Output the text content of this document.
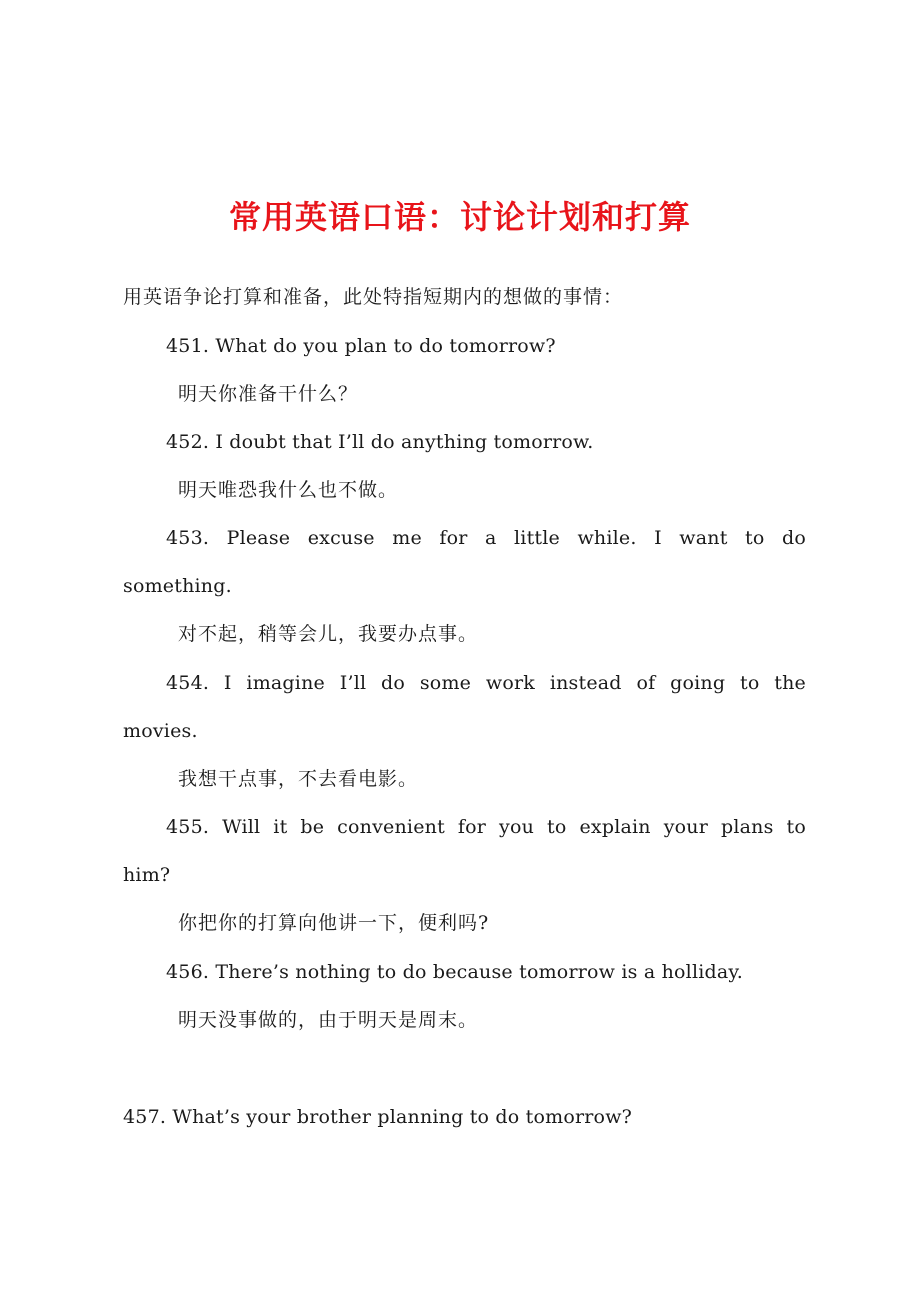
常用英语口语：讨论计划和打算
用英语争论打算和准备，此处特指短期内的想做的事情：
451. What do you plan to do tomorrow?
明天你准备干什么？
452. I doubt that I’ll do anything tomorrow.
明天唯恐我什么也不做。
453. Please excuse me for a little while. I want to do
something.
对不起，稍等会儿，我要办点事。
454. I imagine I’ll do some work instead of going to the
movies.
我想干点事，不去看电影。
455. Will it be convenient for you to explain your plans to
him?
你把你的打算向他讲一下，便利吗?
456. There’s nothing to do because tomorrow is a holliday.
明天没事做的，由于明天是周末。
457. What’s your brother planning to do tomorrow?
